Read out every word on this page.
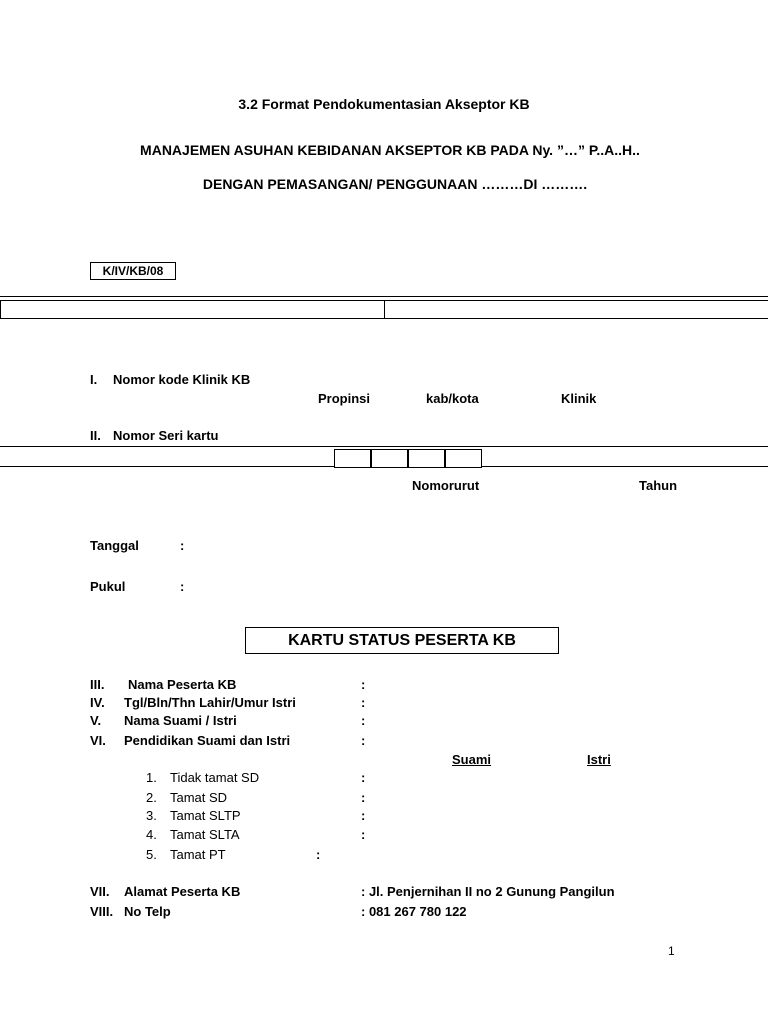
3.2 Format Pendokumentasian Akseptor KB
MANAJEMEN ASUHAN KEBIDANAN AKSEPTOR KB PADA Ny. ”…” P..A..H..
DENGAN PEMASANGAN/ PENGGUNAAN ………DI ……….
K/IV/KB/08
I. Nomor kode Klinik KB
Propinsi	kab/kota	Klinik
II. Nomor Seri kartu
Nomorurut	Tahun
Tanggal	:
Pukul	:
KARTU STATUS PESERTA KB
III. Nama Peserta KB	:
IV. Tgl/Bln/Thn Lahir/Umur Istri	:
V. Nama Suami / Istri	:
VI. Pendidikan Suami dan Istri	:
Suami	Istri
1. Tidak tamat SD	:
2. Tamat SD	:
3. Tamat SLTP	:
4. Tamat SLTA	:
5. Tamat PT	:
VII. Alamat Peserta KB	: Jl. Penjernihan II no 2 Gunung Pangilun
VIII. No Telp	: 081 267 780 122
1
